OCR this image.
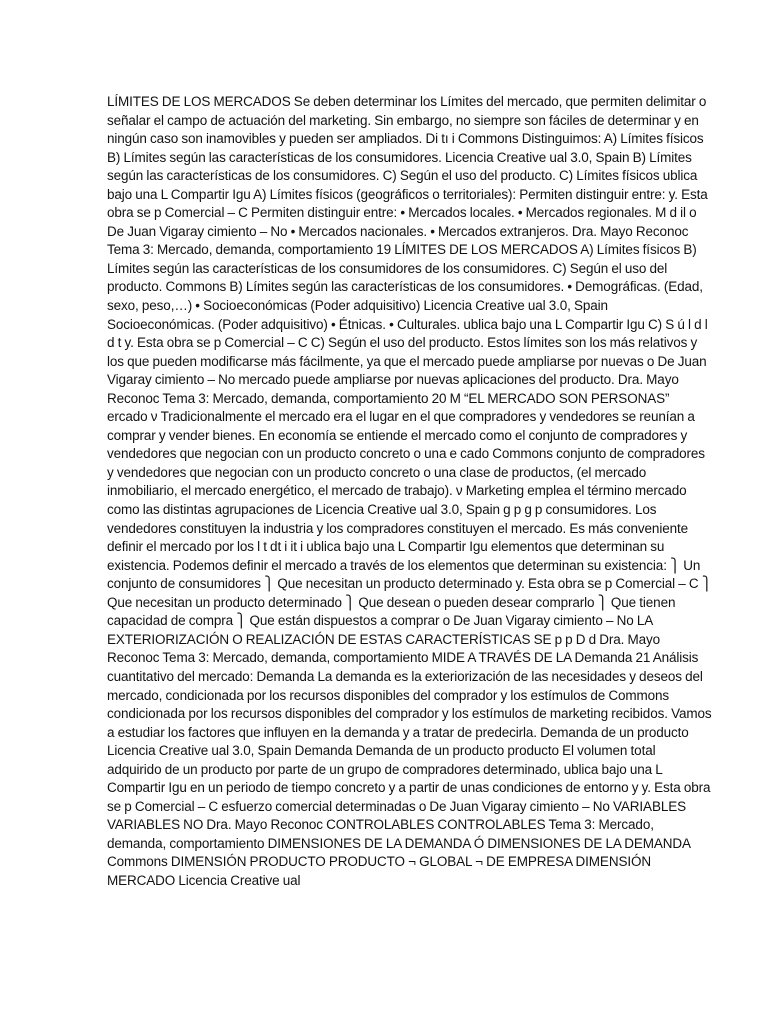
LÍMITES DE LOS MERCADOS Se deben determinar los Límites del mercado, que permiten delimitar o señalar el campo de actuación del marketing. Sin embargo, no siempre son fáciles de determinar y en ningún caso son inamovibles y pueden ser ampliados. Di tı i Commons Distinguimos: A) Límites físicos B) Límites según las características de los consumidores. Licencia Creative ual 3.0, Spain B) Límites según las características de los consumidores. C) Según el uso del producto. C) Límites físicos ublica bajo una L Compartir Igu A) Límites físicos (geográficos o territoriales): Permiten distinguir entre: y. Esta obra se p Comercial – C Permiten distinguir entre: • Mercados locales. • Mercados regionales. M d il o De Juan Vigaray cimiento – No • Mercados nacionales. • Mercados extranjeros. Dra. Mayo Reconoc Tema 3: Mercado, demanda, comportamiento 19 LÍMITES DE LOS MERCADOS A) Límites físicos B) Límites según las características de los consumidores de los consumidores. C) Según el uso del producto. Commons B) Límites según las características de los consumidores. • Demográficas. (Edad, sexo, peso,…) • Socioeconómicas (Poder adquisitivo) Licencia Creative ual 3.0, Spain Socioeconómicas. (Poder adquisitivo) • Étnicas. • Culturales. ublica bajo una L Compartir Igu C) S ú l d l d t y. Esta obra se p Comercial – C C) Según el uso del producto. Estos límites son los más relativos y los que pueden modificarse más fácilmente, ya que el mercado puede ampliarse por nuevas o De Juan Vigaray cimiento – No mercado puede ampliarse por nuevas aplicaciones del producto. Dra. Mayo Reconoc Tema 3: Mercado, demanda, comportamiento 20 M “EL MERCADO SON PERSONAS” ercado ν Tradicionalmente el mercado era el lugar en el que compradores y vendedores se reunían a comprar y vender bienes. En economía se entiende el mercado como el conjunto de compradores y vendedores que negocian con un producto concreto o una e cado Commons conjunto de compradores y vendedores que negocian con un producto concreto o una clase de productos, (el mercado inmobiliario, el mercado energético, el mercado de trabajo). ν Marketing emplea el término mercado como las distintas agrupaciones de Licencia Creative ual 3.0, Spain g p g p consumidores. Los vendedores constituyen la industria y los compradores constituyen el mercado. Es más conveniente definir el mercado por los l t dt i it i ublica bajo una L Compartir Igu elementos que determinan su existencia. Podemos definir el mercado a través de los elementos que determinan su existencia: ⎫ Un conjunto de consumidores ⎫ Que necesitan un producto determinado y. Esta obra se p Comercial – C ⎫ Que necesitan un producto determinado ⎫ Que desean o pueden desear comprarlo ⎫ Que tienen capacidad de compra ⎫ Que están dispuestos a comprar o De Juan Vigaray cimiento – No LA EXTERIORIZACIÓN O REALIZACIÓN DE ESTAS CARACTERÍSTICAS SE p p D d Dra. Mayo Reconoc Tema 3: Mercado, demanda, comportamiento MIDE A TRAVÉS DE LA Demanda 21 Análisis cuantitativo del mercado: Demanda La demanda es la exteriorización de las necesidades y deseos del mercado, condicionada por los recursos disponibles del comprador y los estímulos de Commons condicionada por los recursos disponibles del comprador y los estímulos de marketing recibidos. Vamos a estudiar los factores que influyen en la demanda y a tratar de predecirla. Demanda de un producto Licencia Creative ual 3.0, Spain Demanda Demanda de un producto producto El volumen total adquirido de un producto por parte de un grupo de compradores determinado, ublica bajo una L Compartir Igu en un periodo de tiempo concreto y a partir de unas condiciones de entorno y y. Esta obra se p Comercial – C esfuerzo comercial determinadas o De Juan Vigaray cimiento – No VARIABLES VARIABLES NO Dra. Mayo Reconoc CONTROLABLES CONTROLABLES Tema 3: Mercado, demanda, comportamiento DIMENSIONES DE LA DEMANDA Ó DIMENSIONES DE LA DEMANDA Commons DIMENSIÓN PRODUCTO PRODUCTO ¬ GLOBAL ¬ DE EMPRESA DIMENSIÓN MERCADO Licencia Creative ual
